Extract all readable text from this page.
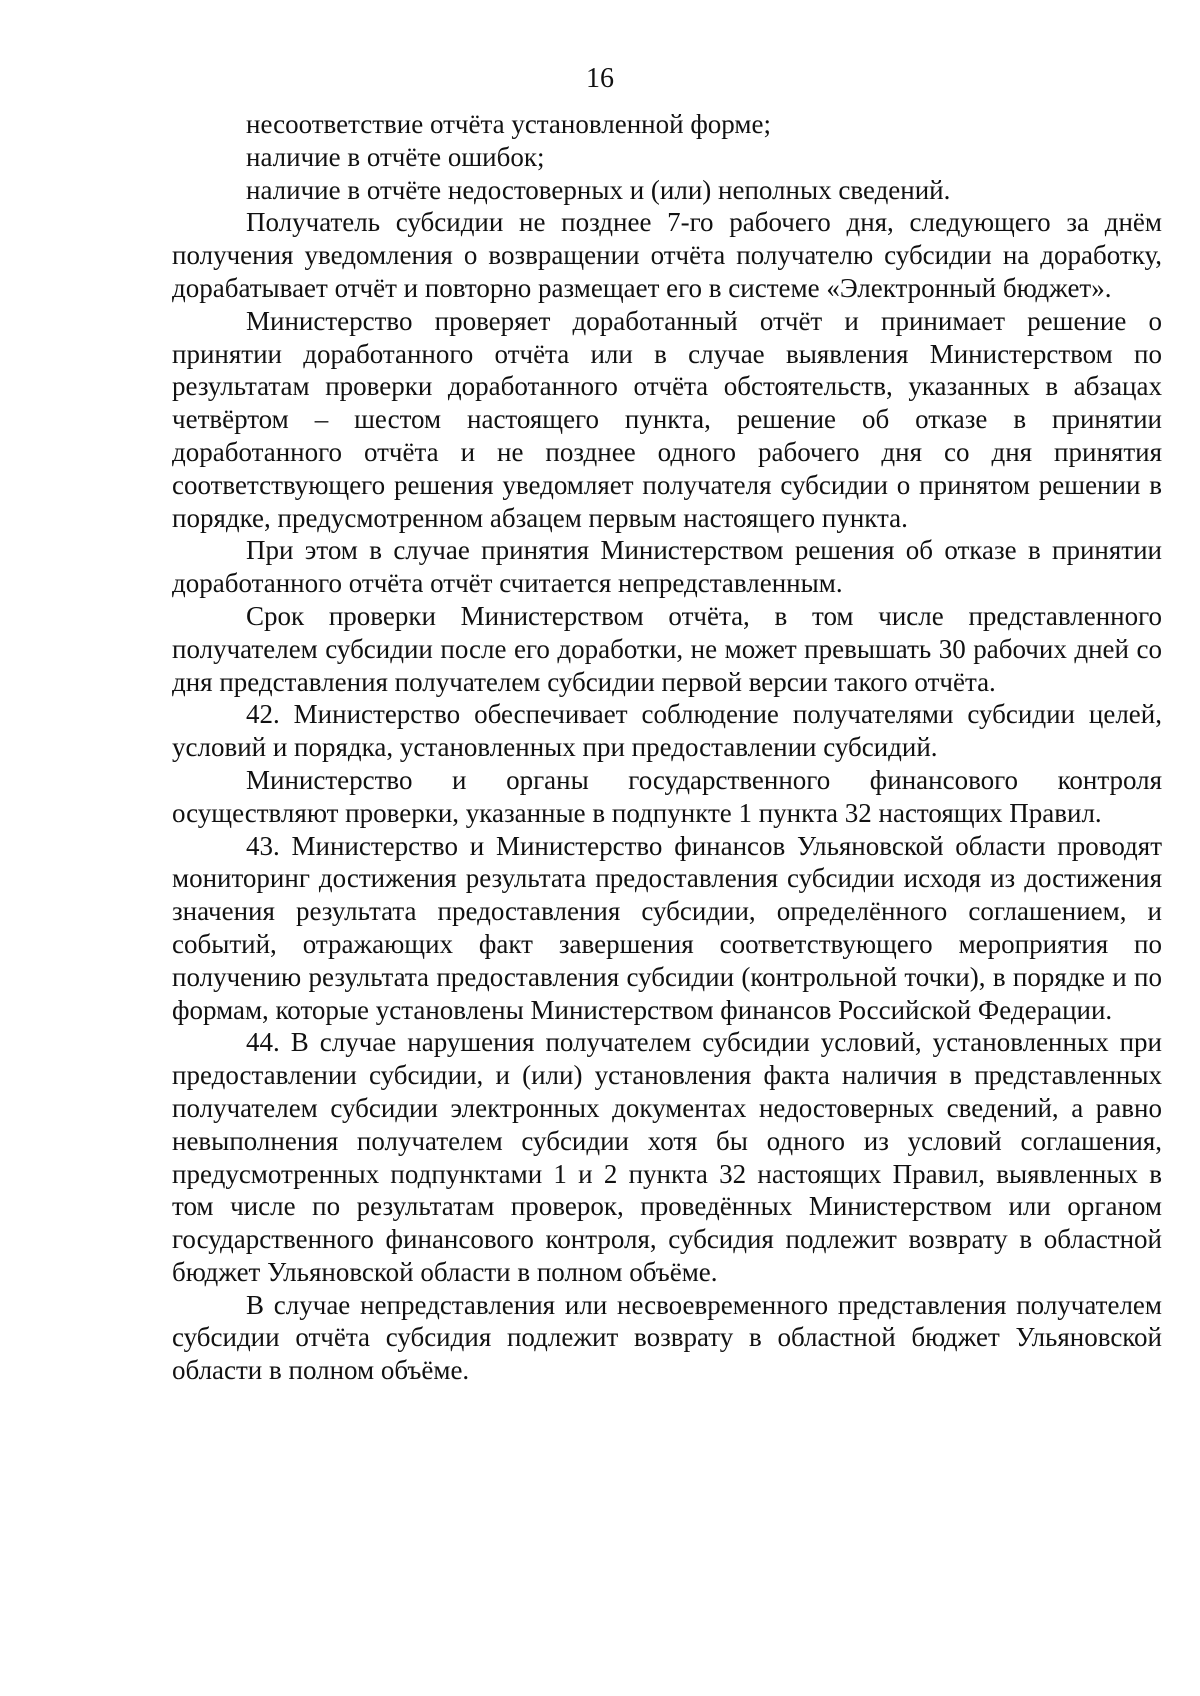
16

несоответствие отчёта установленной форме;

наличие в отчёте ошибок;

наличие в отчёте недостоверных и (или) неполных сведений.

Получатель субсидии не позднее 7-го рабочего дня, следующего за днём получения уведомления о возвращении отчёта получателю субсидии на доработку, дорабатывает отчёт и повторно размещает его в системе «Электронный бюджет».

Министерство проверяет доработанный отчёт и принимает решение о принятии доработанного отчёта или в случае выявления Министерством по результатам проверки доработанного отчёта обстоятельств, указанных в абзацах четвёртом – шестом настоящего пункта, решение об отказе в принятии доработанного отчёта и не позднее одного рабочего дня со дня принятия соответствующего решения уведомляет получателя субсидии о принятом решении в порядке, предусмотренном абзацем первым настоящего пункта.

При этом в случае принятия Министерством решения об отказе в принятии доработанного отчёта отчёт считается непредставленным.

Срок проверки Министерством отчёта, в том числе представленного получателем субсидии после его доработки, не может превышать 30 рабочих дней со дня представления получателем субсидии первой версии такого отчёта.

42. Министерство обеспечивает соблюдение получателями субсидии целей, условий и порядка, установленных при предоставлении субсидий.

Министерство и органы государственного финансового контроля осуществляют проверки, указанные в подпункте 1 пункта 32 настоящих Правил.

43. Министерство и Министерство финансов Ульяновской области проводят мониторинг достижения результата предоставления субсидии исходя из достижения значения результата предоставления субсидии, определённого соглашением, и событий, отражающих факт завершения соответствующего мероприятия по получению результата предоставления субсидии (контрольной точки), в порядке и по формам, которые установлены Министерством финансов Российской Федерации.

44. В случае нарушения получателем субсидии условий, установленных при предоставлении субсидии, и (или) установления факта наличия в представленных получателем субсидии электронных документах недостоверных сведений, а равно невыполнения получателем субсидии хотя бы одного из условий соглашения, предусмотренных подпунктами 1 и 2 пункта 32 настоящих Правил, выявленных в том числе по результатам проверок, проведённых Министерством или органом государственного финансового контроля, субсидия подлежит возврату в областной бюджет Ульяновской области в полном объёме.

В случае непредставления или несвоевременного представления получателем субсидии отчёта субсидия подлежит возврату в областной бюджет Ульяновской области в полном объёме.
